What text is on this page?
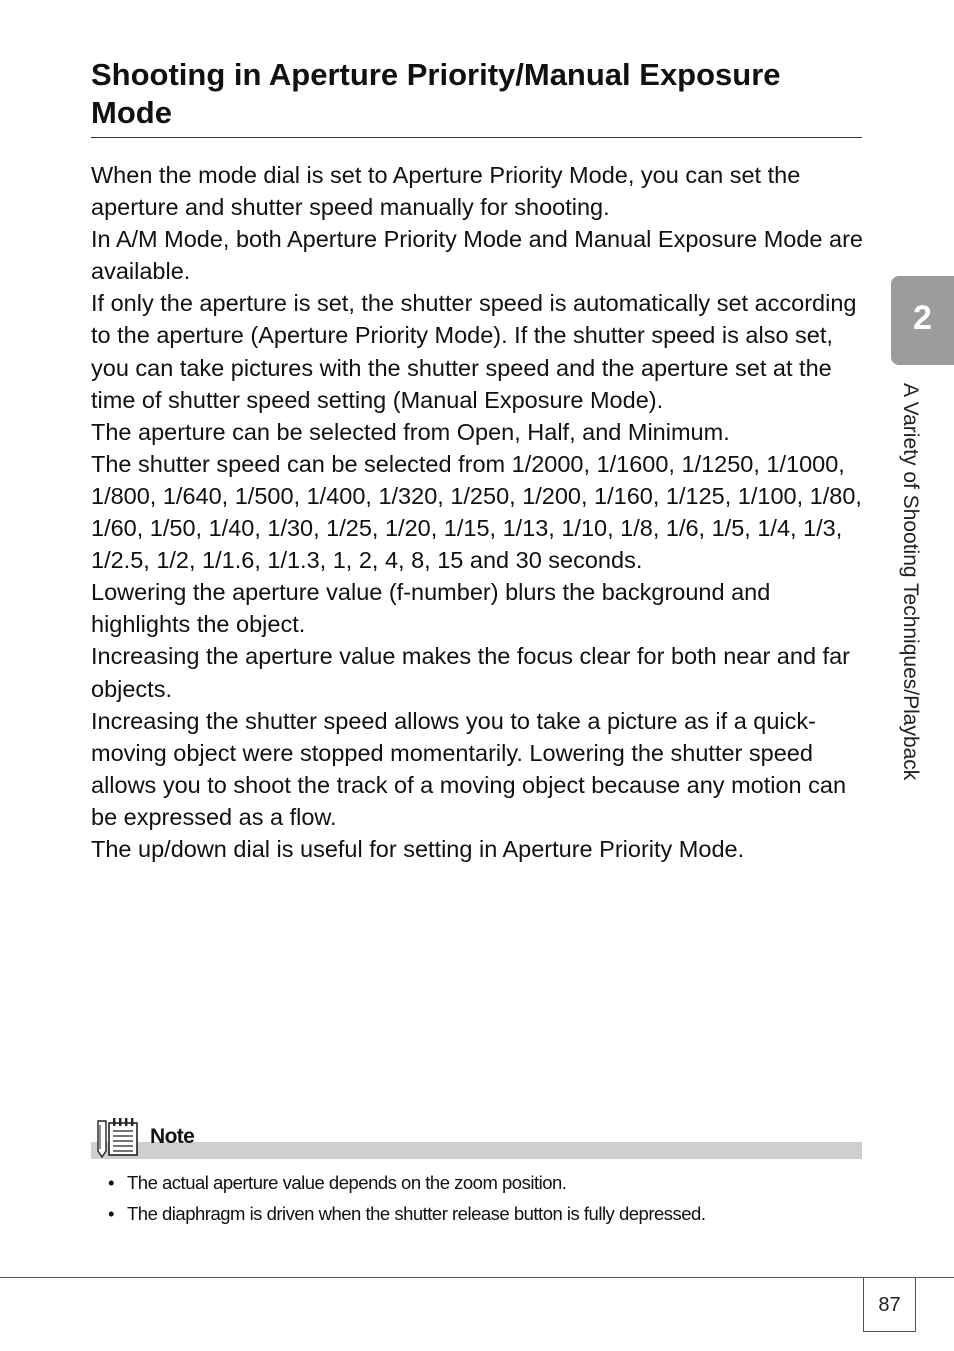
Shooting in Aperture Priority/Manual Exposure Mode

When the mode dial is set to Aperture Priority Mode, you can set the aperture and shutter speed manually for shooting.

In A/M Mode, both Aperture Priority Mode and Manual Exposure Mode are available.

If only the aperture is set, the shutter speed is automatically set according to the aperture (Aperture Priority Mode). If the shutter speed is also set, you can take pictures with the shutter speed and the aperture set at the time of shutter speed setting (Manual Exposure Mode).

The aperture can be selected from Open, Half, and Minimum.

The shutter speed can be selected from 1/2000, 1/1600, 1/1250, 1/1000, 1/800, 1/640, 1/500, 1/400, 1/320, 1/250, 1/200, 1/160, 1/125, 1/100, 1/80, 1/60, 1/50, 1/40, 1/30, 1/25, 1/20, 1/15, 1/13, 1/10, 1/8, 1/6, 1/5, 1/4, 1/3, 1/2.5, 1/2, 1/1.6, 1/1.3, 1, 2, 4, 8, 15 and 30 seconds.

Lowering the aperture value (f-number) blurs the background and highlights the object.

Increasing the aperture value makes the focus clear for both near and far objects.

Increasing the shutter speed allows you to take a picture as if a quick-moving object were stopped momentarily. Lowering the shutter speed allows you to shoot the track of a moving object because any motion can be expressed as a flow.

The up/down dial is useful for setting in Aperture Priority Mode.

2
A Variety of Shooting Techniques/Playback
Note
• The actual aperture value depends on the zoom position.
• The diaphragm is driven when the shutter release button is fully depressed.
87
